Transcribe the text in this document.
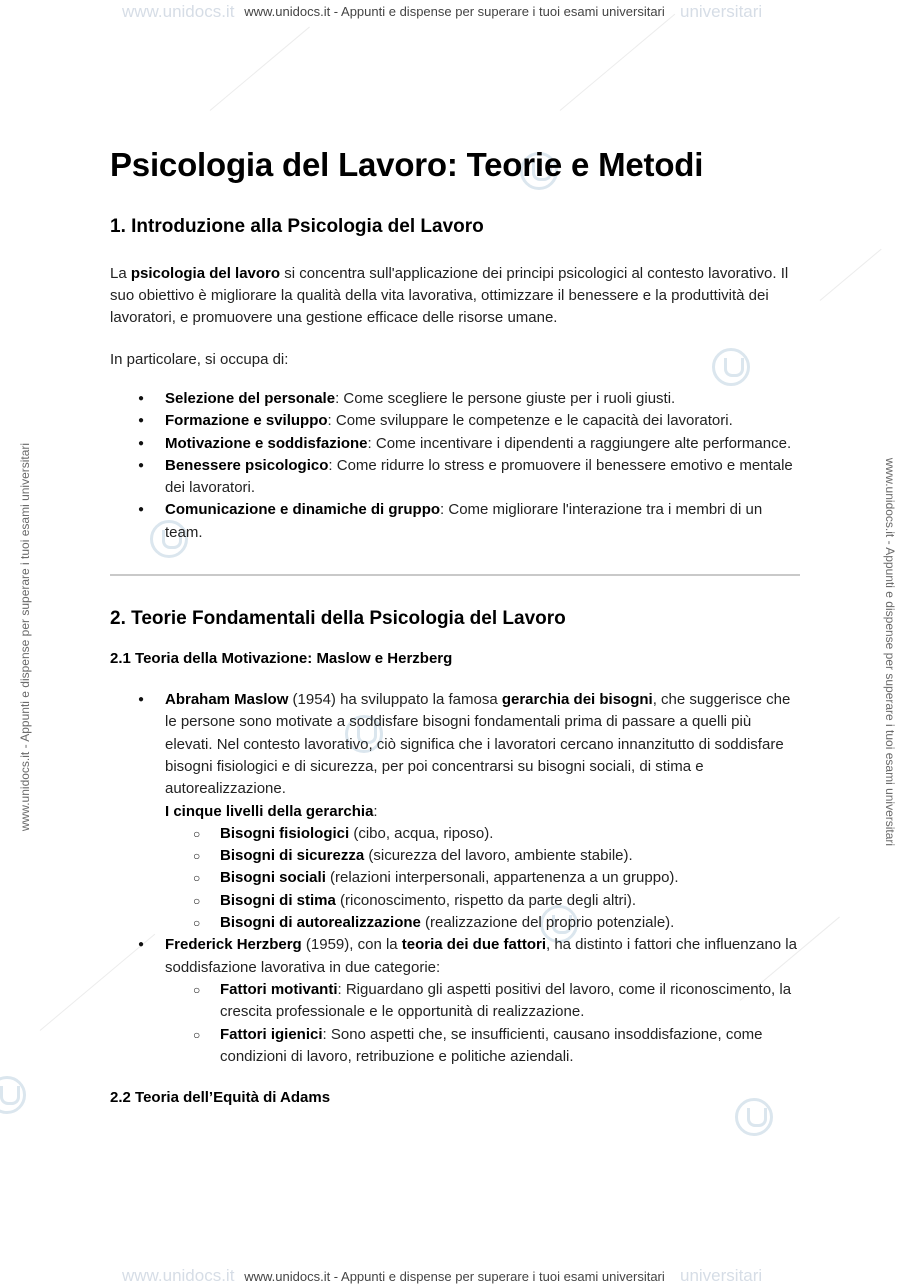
www.unidocs.it	universitari
www.unidocs.it	universitari
www.unidocs.it - Appunti e dispense per superare i tuoi esami universitari
www.unidocs.it - Appunti e dispense per superare i tuoi esami universitari
www.unidocs.it - Appunti e dispense per superare i tuoi esami universitari	www.unidocs.it - Appunti e dispense per superare i tuoi esami universitari
Psicologia del Lavoro: Teorie e Metodi
1. Introduzione alla Psicologia del Lavoro

La psicologia del lavoro si concentra sull'applicazione dei principi psicologici al contesto lavorativo. Il suo obiettivo è migliorare la qualità della vita lavorativa, ottimizzare il benessere e la produttività dei lavoratori, e promuovere una gestione efficace delle risorse umane.

In particolare, si occupa di:

● Selezione del personale: Come scegliere le persone giuste per i ruoli giusti.
● Formazione e sviluppo: Come sviluppare le competenze e le capacità dei lavoratori.
● Motivazione e soddisfazione: Come incentivare i dipendenti a raggiungere alte performance.
● Benessere psicologico: Come ridurre lo stress e promuovere il benessere emotivo e mentale dei lavoratori.
● Comunicazione e dinamiche di gruppo: Come migliorare l'interazione tra i membri di un team.
2. Teorie Fondamentali della Psicologia del Lavoro
2.1 Teoria della Motivazione: Maslow e Herzberg
● Abraham Maslow (1954) ha sviluppato la famosa gerarchia dei bisogni, che suggerisce che le persone sono motivate a soddisfare bisogni fondamentali prima di passare a quelli più elevati. Nel contesto lavorativo, ciò significa che i lavoratori cercano innanzitutto di soddisfare bisogni fisiologici e di sicurezza, per poi concentrarsi su bisogni sociali, di stima e autorealizzazione.
I cinque livelli della gerarchia:
○ Bisogni fisiologici (cibo, acqua, riposo).
○ Bisogni di sicurezza (sicurezza del lavoro, ambiente stabile).
○ Bisogni sociali (relazioni interpersonali, appartenenza a un gruppo).
○ Bisogni di stima (riconoscimento, rispetto da parte degli altri).
○ Bisogni di autorealizzazione (realizzazione del proprio potenziale).
● Frederick Herzberg (1959), con la teoria dei due fattori, ha distinto i fattori che influenzano la soddisfazione lavorativa in due categorie:
○ Fattori motivanti: Riguardano gli aspetti positivi del lavoro, come il riconoscimento, la crescita professionale e le opportunità di realizzazione.
○ Fattori igienici: Sono aspetti che, se insufficienti, causano insoddisfazione, come condizioni di lavoro, retribuzione e politiche aziendali.
2.2 Teoria dell’Equità di Adams
